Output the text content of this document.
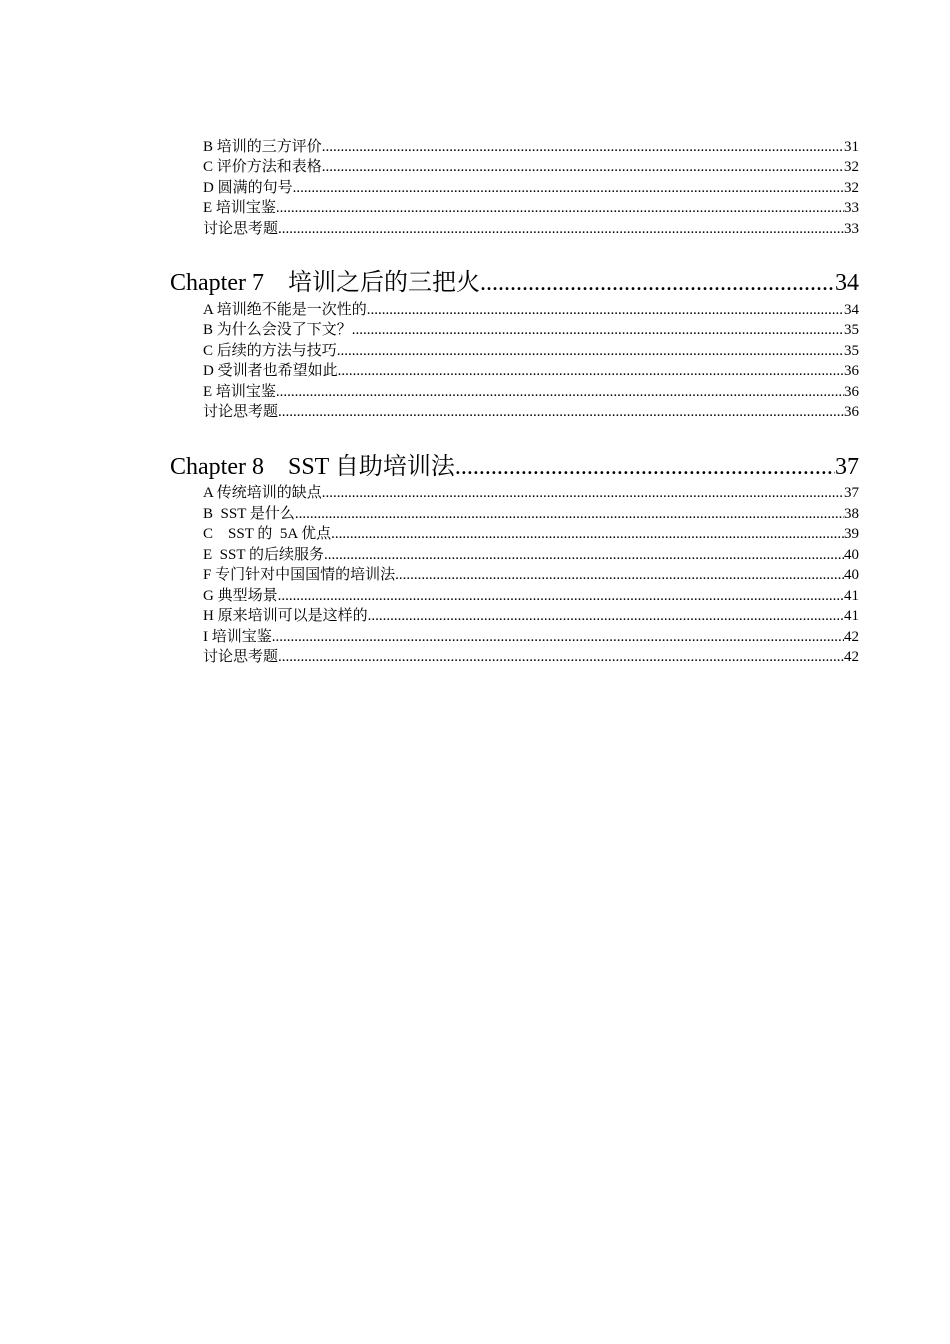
B 培训的三方评价 .....	31
C 评价方法和表格 .....	32
D 圆满的句号 .....	32
E 培训宝鉴 .....	33
讨论思考题 .....	33
Chapter 7　培训之后的三把火 .....	34
A 培训绝不能是一次性的 .....	34
B 为什么会没了下文？ .....	35
C 后续的方法与技巧 .....	35
D 受训者也希望如此 .....	36
E 培训宝鉴 .....	36
讨论思考题 .....	36
Chapter 8　SST 自助培训法 .....	37
A 传统培训的缺点 .....	37
B  SST 是什么 .....	38
C　SST 的  5A 优点 .....	39
E  SST 的后续服务 .....	40
F 专门针对中国国情的培训法 .....	40
G 典型场景 .....	41
H 原来培训可以是这样的 .....	41
I 培训宝鉴 .....	42
讨论思考题 .....	42
